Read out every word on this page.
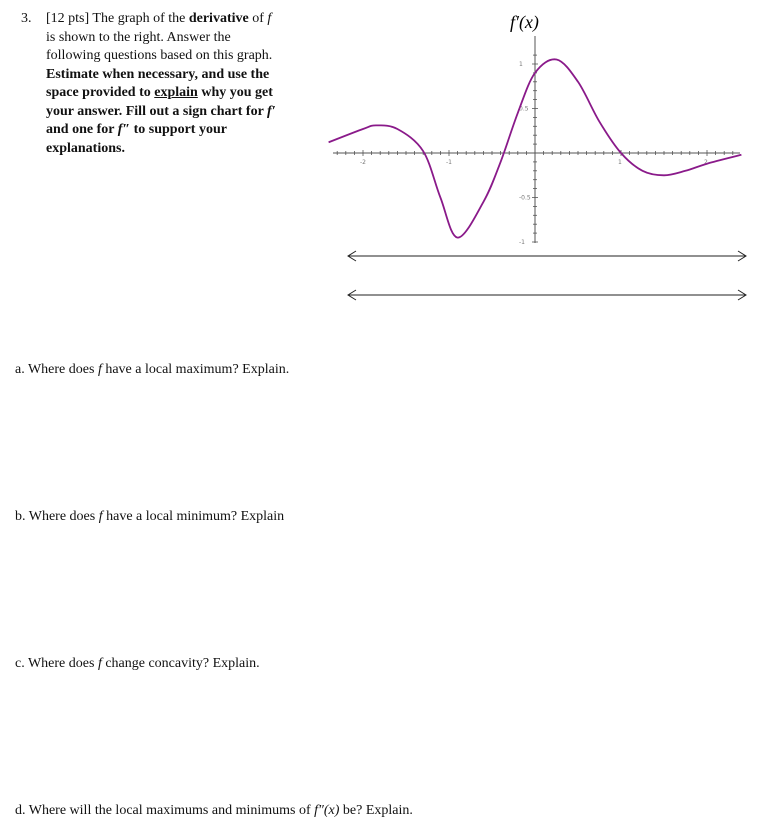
3. [12 pts] The graph of the derivative of f
is shown to the right. Answer the
following questions based on this graph.
Estimate when necessary, and use the
space provided to explain why you get
your answer. Fill out a sign chart for f′
and one for f″ to support your
explanations.
f′(x)
-2	-1	1	2
1
0.5
-0.5
-1
a. Where does f have a local maximum? Explain.
b. Where does f have a local minimum? Explain
c. Where does f change concavity? Explain.
d. Where will the local maximums and minimums of f″(x) be? Explain.
